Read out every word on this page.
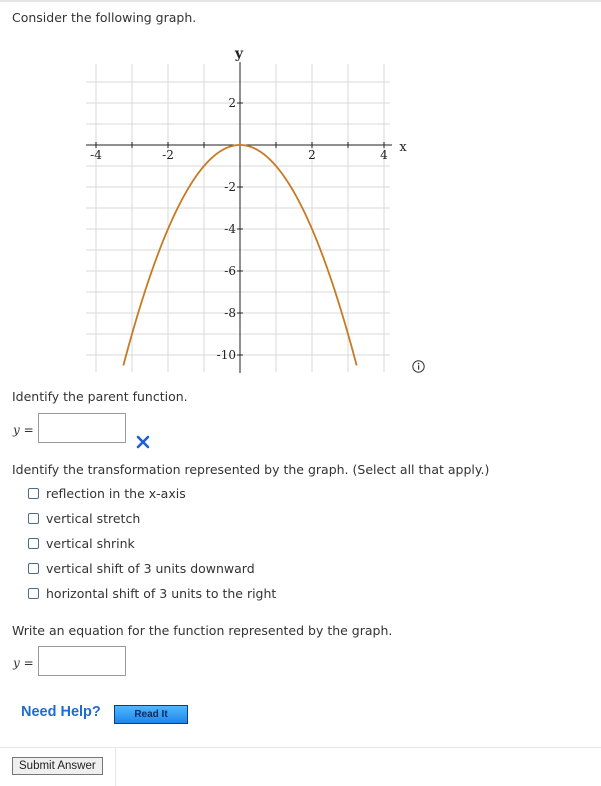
Consider the following graph.
-4	-2	2	4
2
-2
-4
-6
-8
-10
y
x
Identify the parent function.
y =
Identify the transformation represented by the graph. (Select all that apply.)
reflection in the x-axis
vertical stretch
vertical shrink
vertical shift of 3 units downward
horizontal shift of 3 units to the right
Write an equation for the function represented by the graph.
y =
Need Help?	Read It
Submit Answer
